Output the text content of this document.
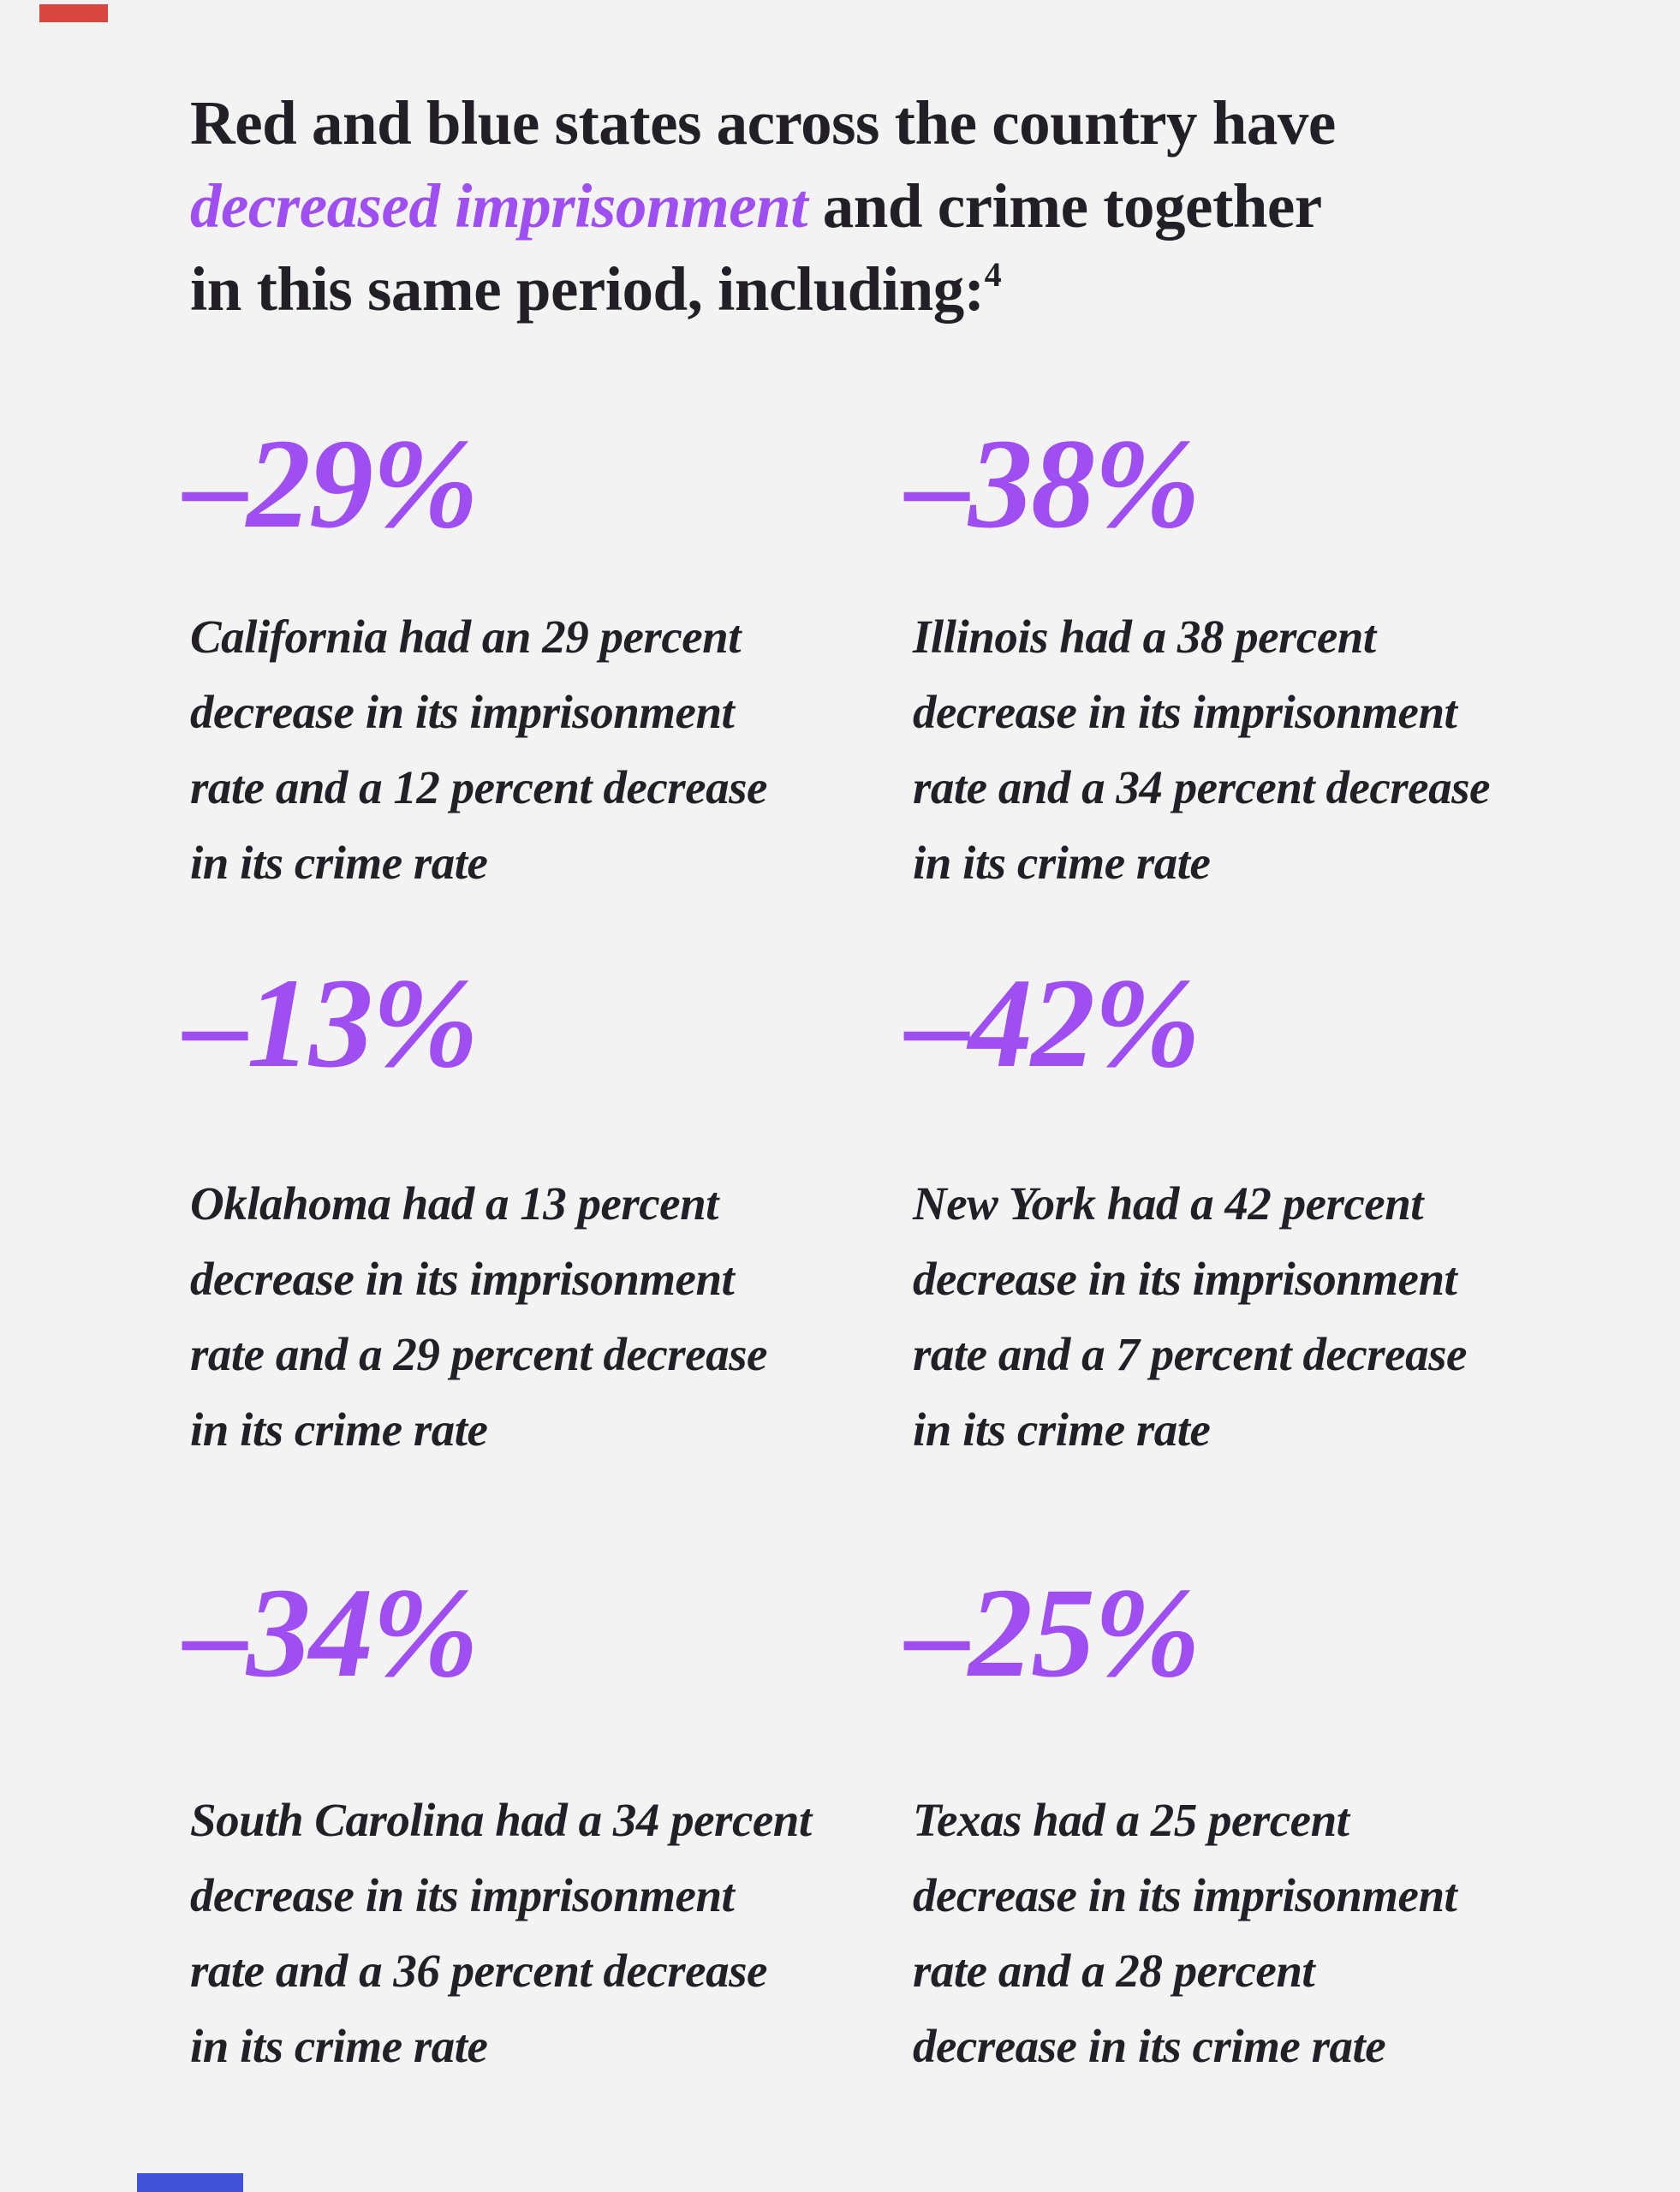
Red and blue states across the country have
decreased imprisonment and crime together
in this same period, including:$^4$
–29%	–38%

California had an 29 percent
decrease in its imprisonment
rate and a 12 percent decrease
in its crime rate

Illinois had a 38 percent
decrease in its imprisonment
rate and a 34 percent decrease
in its crime rate

–13%	–42%

Oklahoma had a 13 percent
decrease in its imprisonment
rate and a 29 percent decrease
in its crime rate

New York had a 42 percent
decrease in its imprisonment
rate and a 7 percent decrease
in its crime rate

–34%	–25%

South Carolina had a 34 percent
decrease in its imprisonment
rate and a 36 percent decrease
in its crime rate

Texas had a 25 percent
decrease in its imprisonment
rate and a 28 percent
decrease in its crime rate
